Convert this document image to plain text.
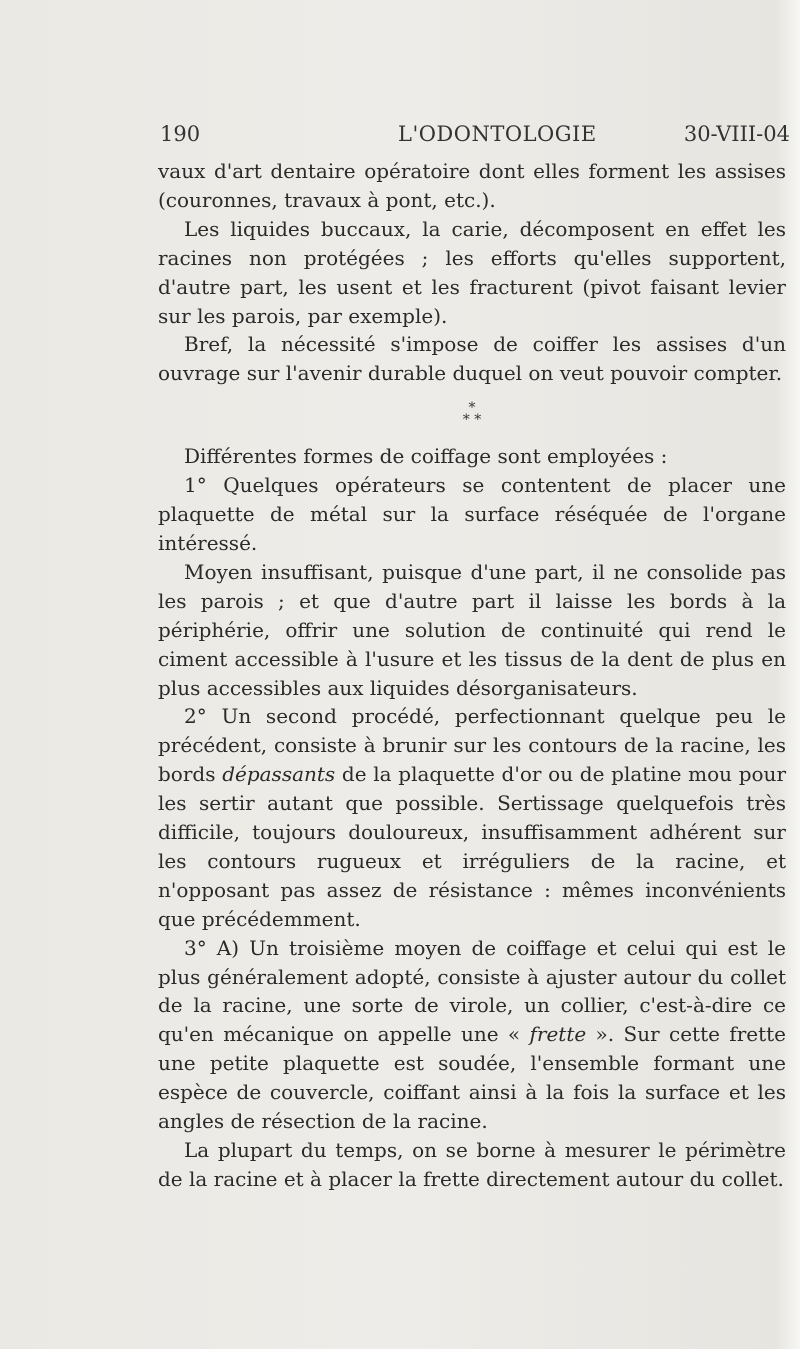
190	L'ODONTOLOGIE	30-VIII-04

vaux d'art dentaire opératoire dont elles forment les assises (couronnes, travaux à pont, etc.).

Les liquides buccaux, la carie, décomposent en effet les racines non protégées ; les efforts qu'elles supportent, d'autre part, les usent et les fracturent (pivot faisant levier sur les parois, par exemple).

Bref, la nécessité s'impose de coiffer les assises d'un ouvrage sur l'avenir durable duquel on veut pouvoir compter.

*
* *

Différentes formes de coiffage sont employées :

1° Quelques opérateurs se contentent de placer une plaquette de métal sur la surface réséquée de l'organe intéressé.

Moyen insuffisant, puisque d'une part, il ne consolide pas les parois ; et que d'autre part il laisse les bords à la périphérie, offrir une solution de continuité qui rend le ciment accessible à l'usure et les tissus de la dent de plus en plus accessibles aux liquides désorganisateurs.

2° Un second procédé, perfectionnant quelque peu le précédent, consiste à brunir sur les contours de la racine, les bords dépassants de la plaquette d'or ou de platine mou pour les sertir autant que possible. Sertissage quelquefois très difficile, toujours douloureux, insuffisamment adhérent sur les contours rugueux et irréguliers de la racine, et n'opposant pas assez de résistance : mêmes inconvénients que précédemment.

3° A) Un troisième moyen de coiffage et celui qui est le plus généralement adopté, consiste à ajuster autour du collet de la racine, une sorte de virole, un collier, c'est-à-dire ce qu'en mécanique on appelle une « frette ». Sur cette frette une petite plaquette est soudée, l'ensemble formant une espèce de couvercle, coiffant ainsi à la fois la surface et les angles de résection de la racine.

La plupart du temps, on se borne à mesurer le périmètre de la racine et à placer la frette directement autour du collet.
